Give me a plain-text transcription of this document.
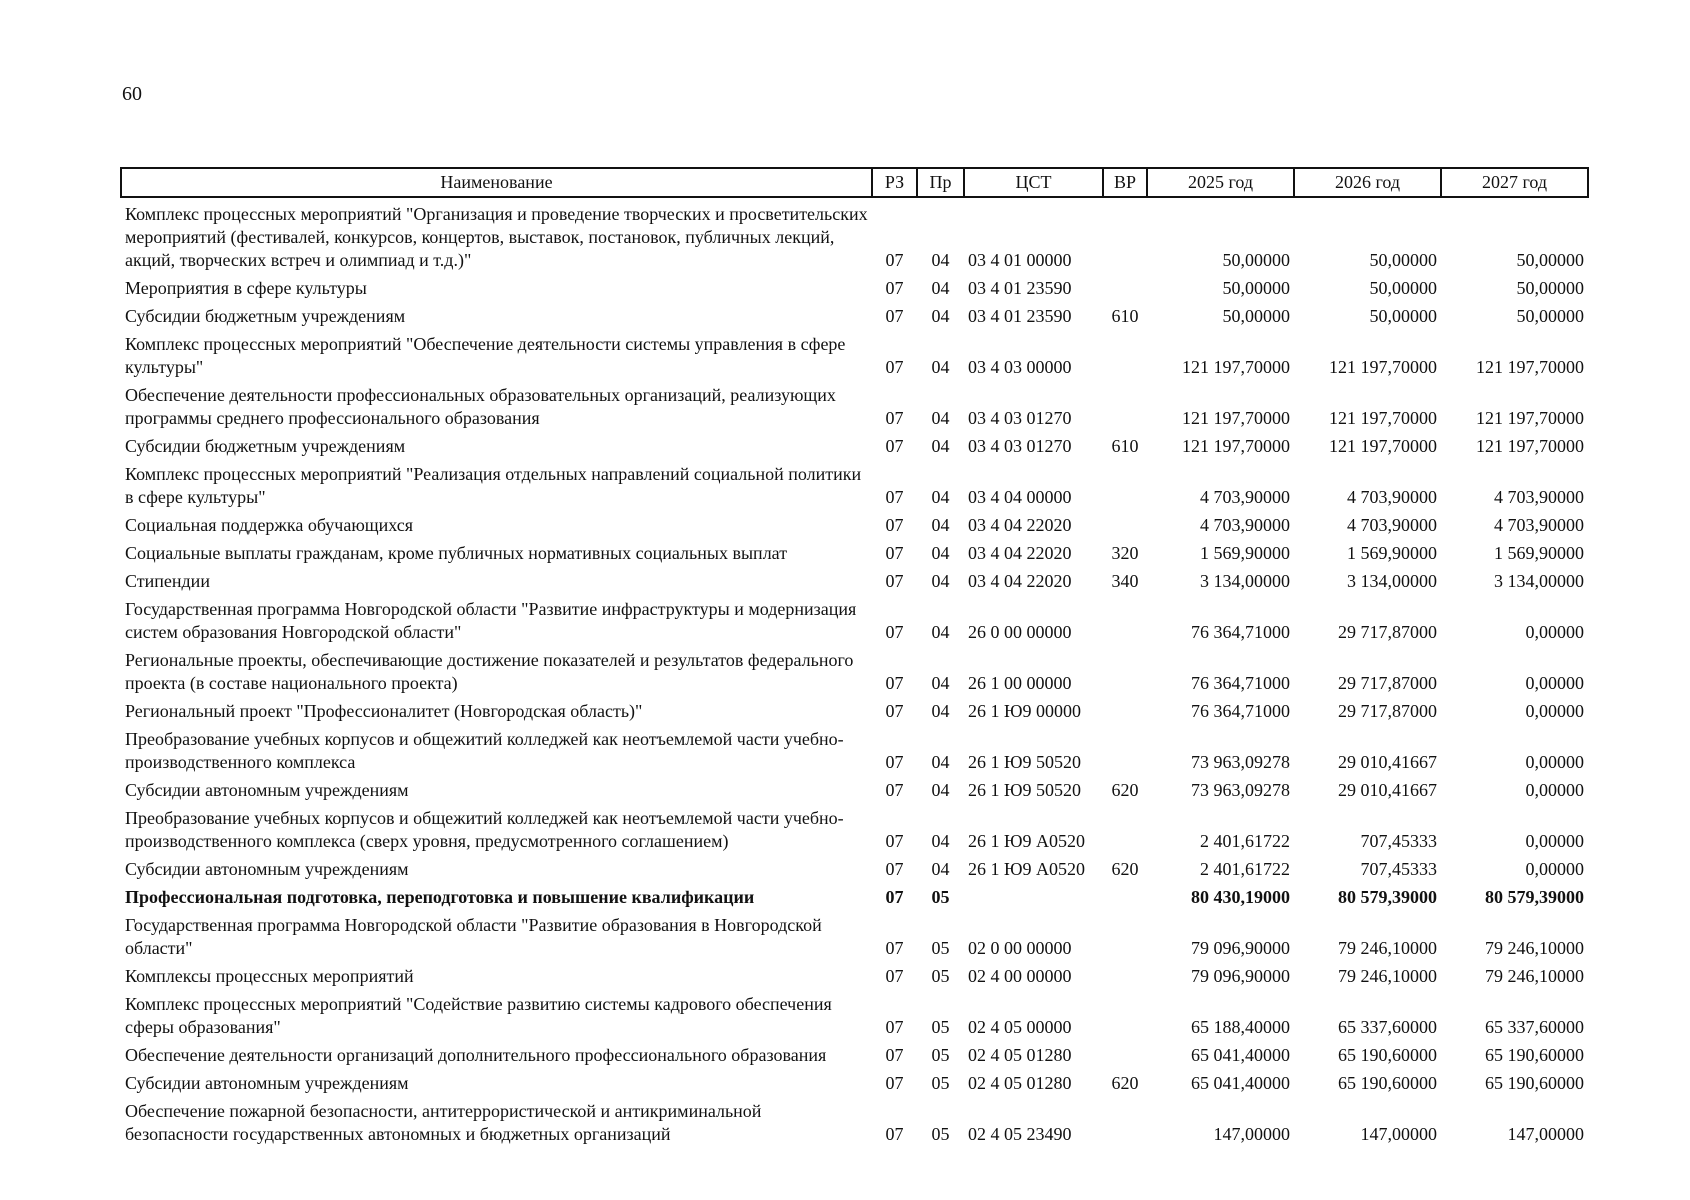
60
Наименование	РЗ	Пр	ЦСТ	ВР	2025 год	2026 год	2027 год
Комплекс процессных мероприятий "Организация и проведение творческих и просветительских мероприятий (фестивалей, конкурсов, концертов, выставок, постановок, публичных лекций, акций, творческих встреч и олимпиад и т.д.)"	07	04	03 4 01 00000		50,00000	50,00000	50,00000
Мероприятия в сфере культуры	07	04	03 4 01 23590		50,00000	50,00000	50,00000
Субсидии бюджетным учреждениям	07	04	03 4 01 23590	610	50,00000	50,00000	50,00000
Комплекс процессных мероприятий "Обеспечение деятельности системы управления в сфере культуры"	07	04	03 4 03 00000		121 197,70000	121 197,70000	121 197,70000
Обеспечение деятельности профессиональных образовательных организаций, реализующих программы среднего профессионального образования	07	04	03 4 03 01270		121 197,70000	121 197,70000	121 197,70000
Субсидии бюджетным учреждениям	07	04	03 4 03 01270	610	121 197,70000	121 197,70000	121 197,70000
Комплекс процессных мероприятий "Реализация отдельных направлений социальной политики в сфере культуры"	07	04	03 4 04 00000		4 703,90000	4 703,90000	4 703,90000
Социальная поддержка обучающихся	07	04	03 4 04 22020		4 703,90000	4 703,90000	4 703,90000
Социальные выплаты гражданам, кроме публичных нормативных социальных выплат	07	04	03 4 04 22020	320	1 569,90000	1 569,90000	1 569,90000
Стипендии	07	04	03 4 04 22020	340	3 134,00000	3 134,00000	3 134,00000
Государственная программа Новгородской области "Развитие инфраструктуры и модернизация систем образования Новгородской области"	07	04	26 0 00 00000		76 364,71000	29 717,87000	0,00000
Региональные проекты, обеспечивающие достижение показателей и результатов федерального проекта (в составе национального проекта)	07	04	26 1 00 00000		76 364,71000	29 717,87000	0,00000
Региональный проект "Профессионалитет (Новгородская область)"	07	04	26 1 Ю9 00000		76 364,71000	29 717,87000	0,00000
Преобразование учебных корпусов и общежитий колледжей как неотъемлемой части учебно-производственного комплекса	07	04	26 1 Ю9 50520		73 963,09278	29 010,41667	0,00000
Субсидии автономным учреждениям	07	04	26 1 Ю9 50520	620	73 963,09278	29 010,41667	0,00000
Преобразование учебных корпусов и общежитий колледжей как неотъемлемой части учебно-производственного комплекса (сверх уровня, предусмотренного соглашением)	07	04	26 1 Ю9 А0520		2 401,61722	707,45333	0,00000
Субсидии автономным учреждениям	07	04	26 1 Ю9 А0520	620	2 401,61722	707,45333	0,00000
Профессиональная подготовка, переподготовка и повышение квалификации	07	05			80 430,19000	80 579,39000	80 579,39000
Государственная программа Новгородской области "Развитие образования в Новгородской области"	07	05	02 0 00 00000		79 096,90000	79 246,10000	79 246,10000
Комплексы процессных мероприятий	07	05	02 4 00 00000		79 096,90000	79 246,10000	79 246,10000
Комплекс процессных мероприятий "Содействие развитию системы кадрового обеспечения сферы образования"	07	05	02 4 05 00000		65 188,40000	65 337,60000	65 337,60000
Обеспечение деятельности организаций дополнительного профессионального образования	07	05	02 4 05 01280		65 041,40000	65 190,60000	65 190,60000
Субсидии автономным учреждениям	07	05	02 4 05 01280	620	65 041,40000	65 190,60000	65 190,60000
Обеспечение пожарной безопасности, антитеррористической и антикриминальной безопасности государственных автономных и бюджетных организаций	07	05	02 4 05 23490		147,00000	147,00000	147,00000
